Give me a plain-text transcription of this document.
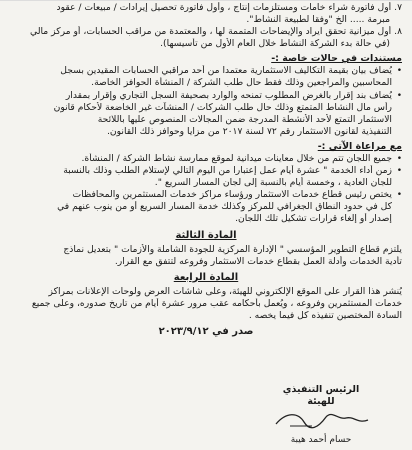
٧. أول فاتورة شراء خامات ومستلزمات إنتاج ، وأول فاتورة تحصيل إيرادات / مبيعات / عقود
مبرمة ..... الخ "وفقا لطبيعة النشاط".
٨. أول ميزانية تحقق ايراد والإيضاحات المتممة لها ، والمعتمدة من مراقب الحسابات، أو مركز مالي
(في حالة بدء الشركة النشاط خلال العام الأول من تأسيسها).
مستندات في حالات خاصة :-
•
يُضاف بيان بقيمة التكاليف الاستثمارية معتمدا من أحد مراقبي الحسابات المقيدين بسجل
المحاسبين والمراجعين وذلك فقط حال طلب الشركة / المنشأة الحوافز الخاصة.
•
يُضاف بند إقرار بالغرض المطلوب تمنحه والوارد بصحيفة السجل التجاري وإقرار بمقدار
رأس مال النشاط المتمتع وذلك حال طلب الشركات / المنشآت غير الخاضعة لأحكام قانون
الاستثمار التمتع لأحد الأنشطة المدرجة ضمن المجالات المنصوص عليها باللائحة
التنفيذية لقانون الاستثمار رقم ٧٢ لسنة ٢٠١٧ من مزايا وحوافز ذلك القانون.
مع مراعاة الآتي :-
•
جميع اللجان تتم من خلال معاينات ميدانية لموقع ممارسة نشاط الشركة / المنشأة.
•
زمن أداء الخدمة " عشرة أيام عمل إعتبارا من اليوم التالي لإستلام الطلب وذلك بالنسبة
للجان العادية ، وخمسة أيام بالنسبة إلى لجان المسار السريع ".
•
يختص رئيس قطاع خدمات الاستثمار ورؤساء مراكز خدمات المستثمرين والمحافظات
كل في حدود النطاق الجغرافي للمركز وكذلك خدمة المسار السريع أو من ينوب عنهم في
إصدار أو إلغاء قرارات تشكيل تلك اللجان.
المادة الثالثة
يلتزم قطاع التطوير المؤسسي " الإدارة المركزية للجودة الشاملة والأزمات " بتعديل نماذج
تأدية الخدمات وأدلة العمل بقطاع خدمات الاستثمار وفروعه لتتفق مع القرار.
المادة الرابعة
يُنشر هذا القرار على الموقع الإلكتروني للهيئة، وعلى شاشات العرض ولوحات الإعلانات بمراكز
خدمات المستثمرين وفروعه ، ويُعمل بأحكامه عقب مرور عشرة أيام من تاريخ صدوره، وعلى جميع
السادة المختصين تنفيذه كل فيما يخصه .
صدر في ٢٠٢٣/٩/١٢
الرئيس التنفيذي
للهيئة
حسام أحمد هيبة
